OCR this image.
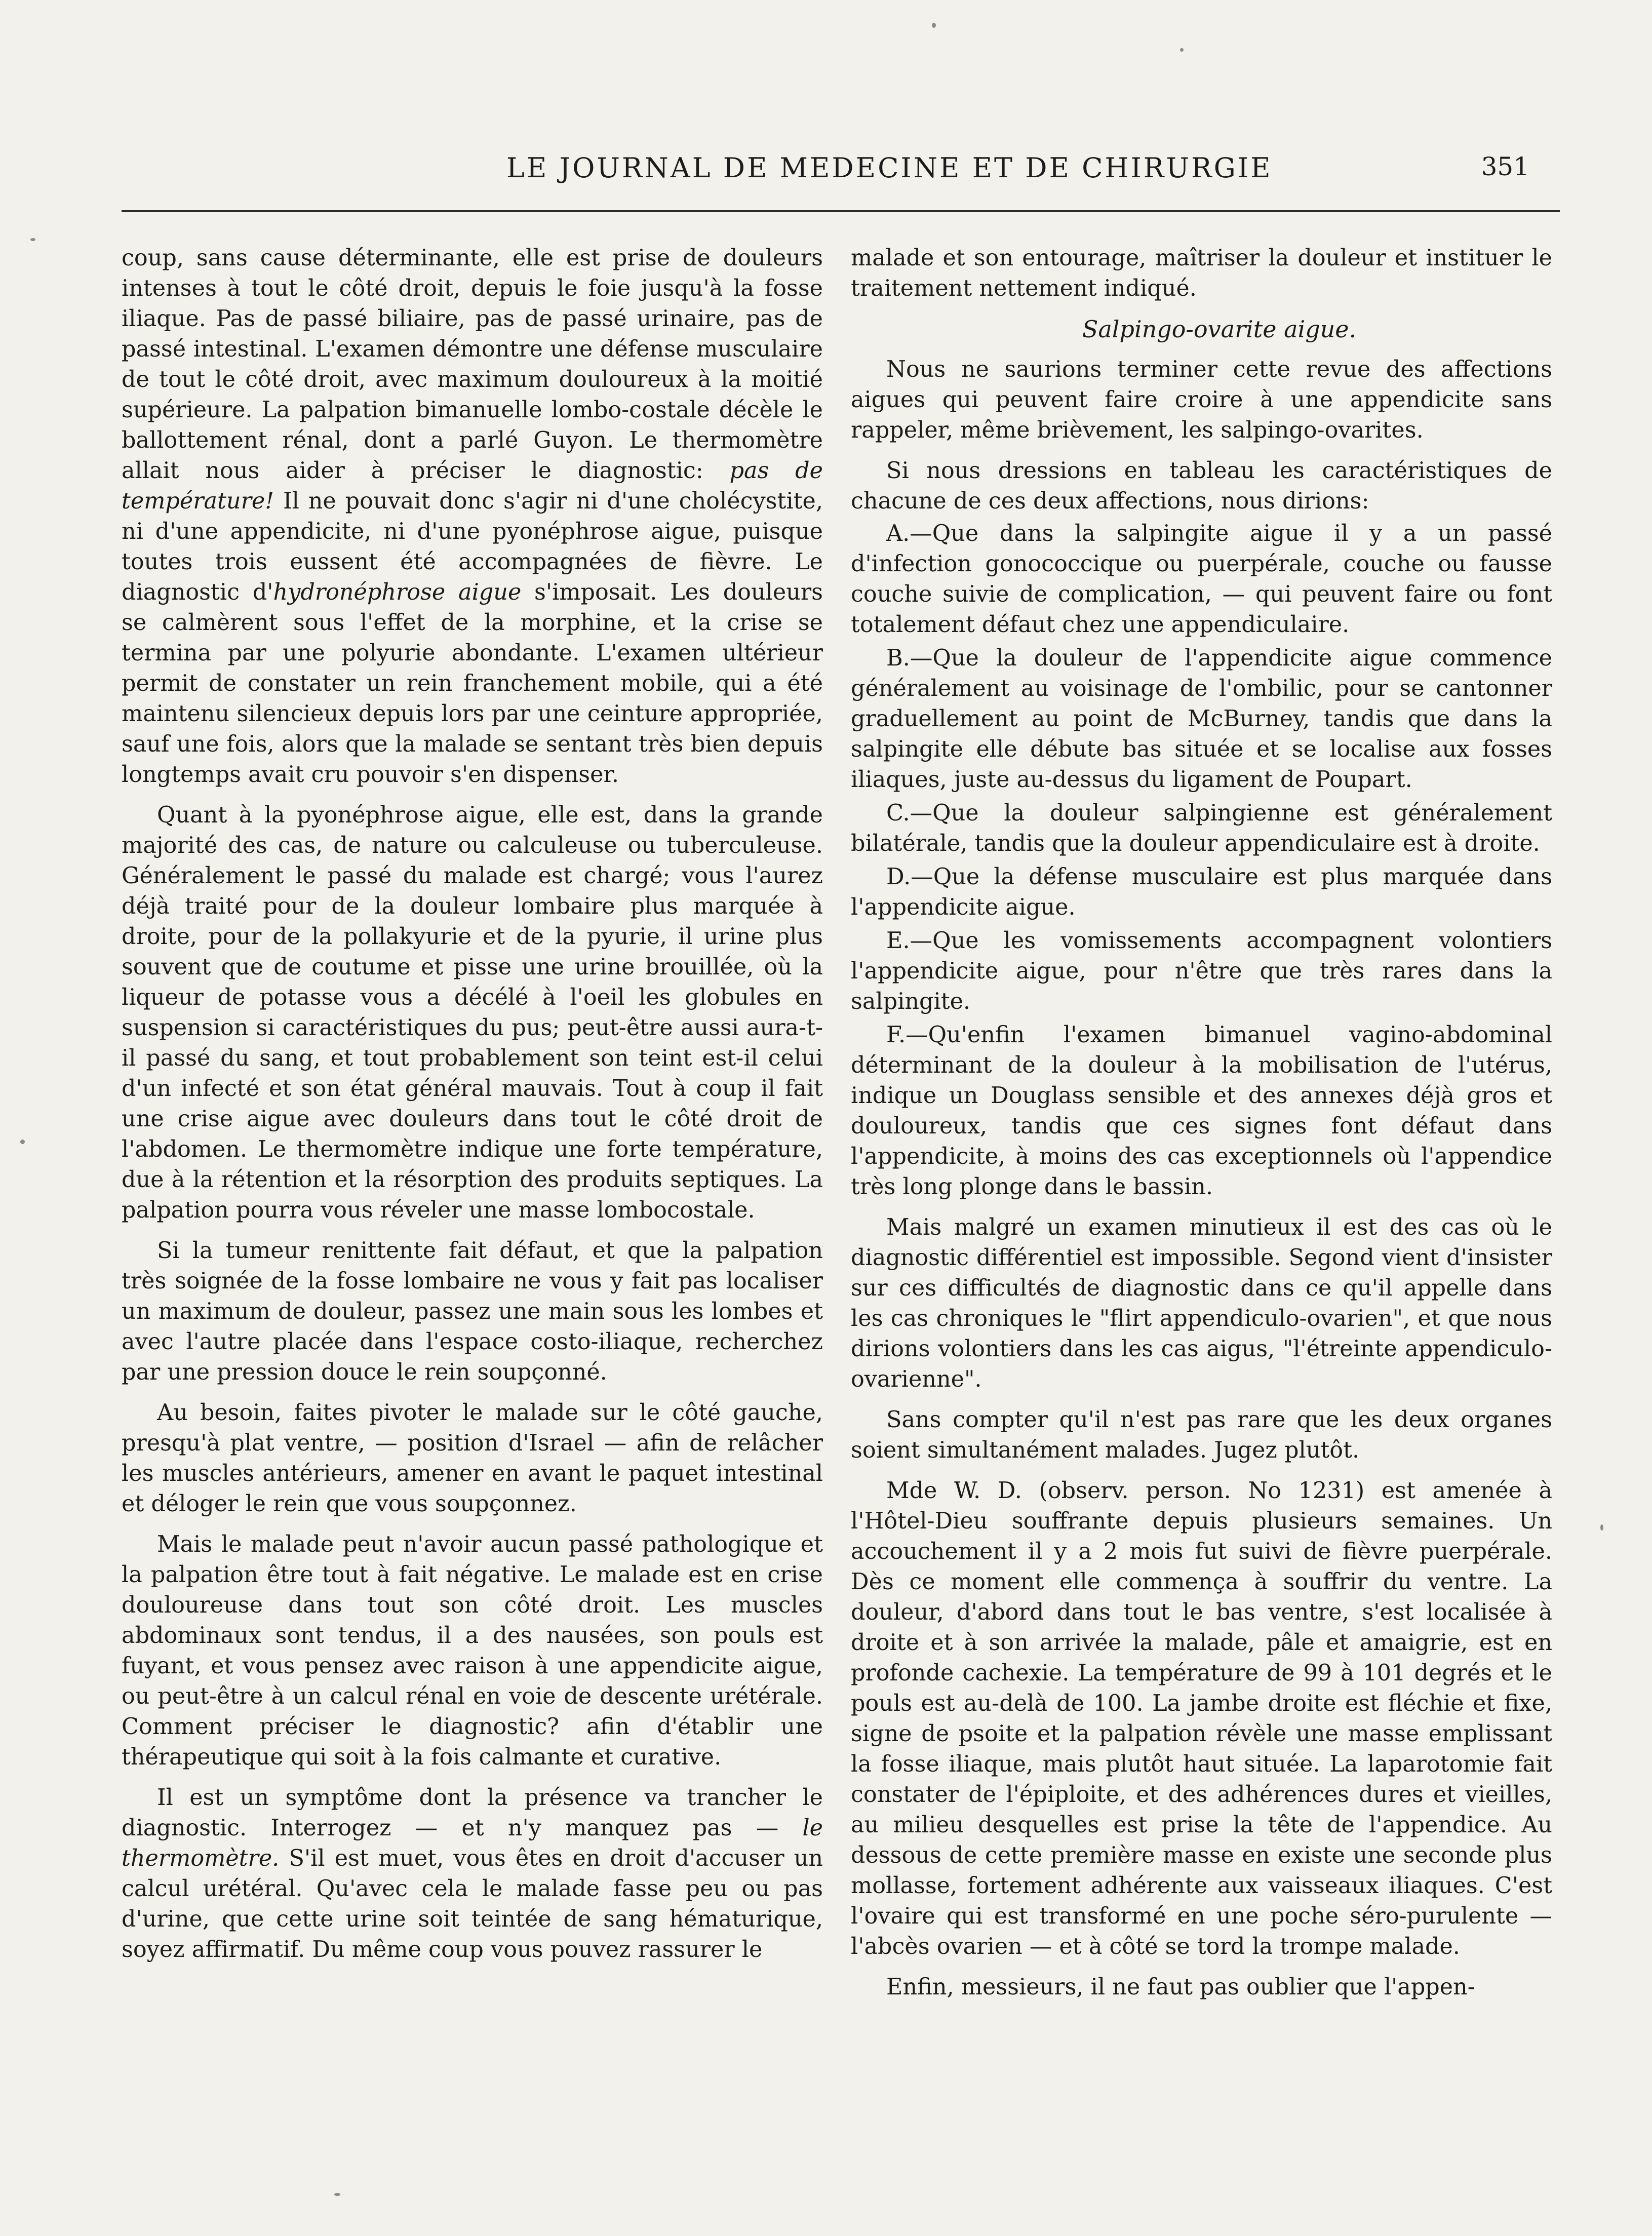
LE JOURNAL DE MEDECINE ET DE CHIRURGIE	351

coup, sans cause déterminante, elle est prise de douleurs intenses à tout le côté droit, depuis le foie jusqu'à la fosse iliaque. Pas de passé biliaire, pas de passé urinaire, pas de passé intestinal. L'examen démontre une défense musculaire de tout le côté droit, avec maximum douloureux à la moitié supérieure. La palpation bimanuelle lombo-costale décèle le ballottement rénal, dont a parlé Guyon. Le thermomètre allait nous aider à préciser le diagnostic: pas de température! Il ne pouvait donc s'agir ni d'une cholécystite, ni d'une appendicite, ni d'une pyonéphrose aigue, puisque toutes trois eussent été accompagnées de fièvre. Le diagnostic d'hydronéphrose aigue s'imposait. Les douleurs se calmèrent sous l'effet de la morphine, et la crise se termina par une polyurie abondante. L'examen ultérieur permit de constater un rein franchement mobile, qui a été maintenu silencieux depuis lors par une ceinture appropriée, sauf une fois, alors que la malade se sentant très bien depuis longtemps avait cru pouvoir s'en dispenser.

Quant à la pyonéphrose aigue, elle est, dans la grande majorité des cas, de nature ou calculeuse ou tuberculeuse. Généralement le passé du malade est chargé; vous l'aurez déjà traité pour de la douleur lombaire plus marquée à droite, pour de la pollakyurie et de la pyurie, il urine plus souvent que de coutume et pisse une urine brouillée, où la liqueur de potasse vous a décélé à l'oeil les globules en suspension si caractéristiques du pus; peut-être aussi aura-t-il passé du sang, et tout probablement son teint est-il celui d'un infecté et son état général mauvais. Tout à coup il fait une crise aigue avec douleurs dans tout le côté droit de l'abdomen. Le thermomètre indique une forte température, due à la rétention et la résorption des produits septiques. La palpation pourra vous réveler une masse lombocostale.

Si la tumeur renittente fait défaut, et que la palpation très soignée de la fosse lombaire ne vous y fait pas localiser un maximum de douleur, passez une main sous les lombes et avec l'autre placée dans l'espace costo-iliaque, recherchez par une pression douce le rein soupçonné.

Au besoin, faites pivoter le malade sur le côté gauche, presqu'à plat ventre, — position d'Israel — afin de relâcher les muscles antérieurs, amener en avant le paquet intestinal et déloger le rein que vous soupçonnez.

Mais le malade peut n'avoir aucun passé pathologique et la palpation être tout à fait négative. Le malade est en crise douloureuse dans tout son côté droit. Les muscles abdominaux sont tendus, il a des nausées, son pouls est fuyant, et vous pensez avec raison à une appendicite aigue, ou peut-être à un calcul rénal en voie de descente urétérale. Comment préciser le diagnostic? afin d'établir une thérapeutique qui soit à la fois calmante et curative.

Il est un symptôme dont la présence va trancher le diagnostic. Interrogez — et n'y manquez pas — le thermomètre. S'il est muet, vous êtes en droit d'accuser un calcul urétéral. Qu'avec cela le malade fasse peu ou pas d'urine, que cette urine soit teintée de sang hématurique, soyez affirmatif. Du même coup vous pouvez rassurer le

malade et son entourage, maîtriser la douleur et instituer le traitement nettement indiqué.

Salpingo-ovarite aigue.

Nous ne saurions terminer cette revue des affections aigues qui peuvent faire croire à une appendicite sans rappeler, même brièvement, les salpingo-ovarites.

Si nous dressions en tableau les caractéristiques de chacune de ces deux affections, nous dirions:

A.—Que dans la salpingite aigue il y a un passé d'infection gonococcique ou puerpérale, couche ou fausse couche suivie de complication, — qui peuvent faire ou font totalement défaut chez une appendiculaire.

B.—Que la douleur de l'appendicite aigue commence généralement au voisinage de l'ombilic, pour se cantonner graduellement au point de McBurney, tandis que dans la salpingite elle débute bas située et se localise aux fosses iliaques, juste au-dessus du ligament de Poupart.

C.—Que la douleur salpingienne est généralement bilatérale, tandis que la douleur appendiculaire est à droite.

D.—Que la défense musculaire est plus marquée dans l'appendicite aigue.

E.—Que les vomissements accompagnent volontiers l'appendicite aigue, pour n'être que très rares dans la salpingite.

F.—Qu'enfin l'examen bimanuel vagino-abdominal déterminant de la douleur à la mobilisation de l'utérus, indique un Douglass sensible et des annexes déjà gros et douloureux, tandis que ces signes font défaut dans l'appendicite, à moins des cas exceptionnels où l'appendice très long plonge dans le bassin.

Mais malgré un examen minutieux il est des cas où le diagnostic différentiel est impossible. Segond vient d'insister sur ces difficultés de diagnostic dans ce qu'il appelle dans les cas chroniques le "flirt appendiculo-ovarien", et que nous dirions volontiers dans les cas aigus, "l'étreinte appendiculo-ovarienne".

Sans compter qu'il n'est pas rare que les deux organes soient simultanément malades. Jugez plutôt.

Mde W. D. (observ. person. No 1231) est amenée à l'Hôtel-Dieu souffrante depuis plusieurs semaines. Un accouchement il y a 2 mois fut suivi de fièvre puerpérale. Dès ce moment elle commença à souffrir du ventre. La douleur, d'abord dans tout le bas ventre, s'est localisée à droite et à son arrivée la malade, pâle et amaigrie, est en profonde cachexie. La température de 99 à 101 degrés et le pouls est au-delà de 100. La jambe droite est fléchie et fixe, signe de psoite et la palpation révèle une masse emplissant la fosse iliaque, mais plutôt haut située. La laparotomie fait constater de l'épiploite, et des adhérences dures et vieilles, au milieu desquelles est prise la tête de l'appendice. Au dessous de cette première masse en existe une seconde plus mollasse, fortement adhérente aux vaisseaux iliaques. C'est l'ovaire qui est transformé en une poche séro-purulente — l'abcès ovarien — et à côté se tord la trompe malade.

Enfin, messieurs, il ne faut pas oublier que l'appen-
